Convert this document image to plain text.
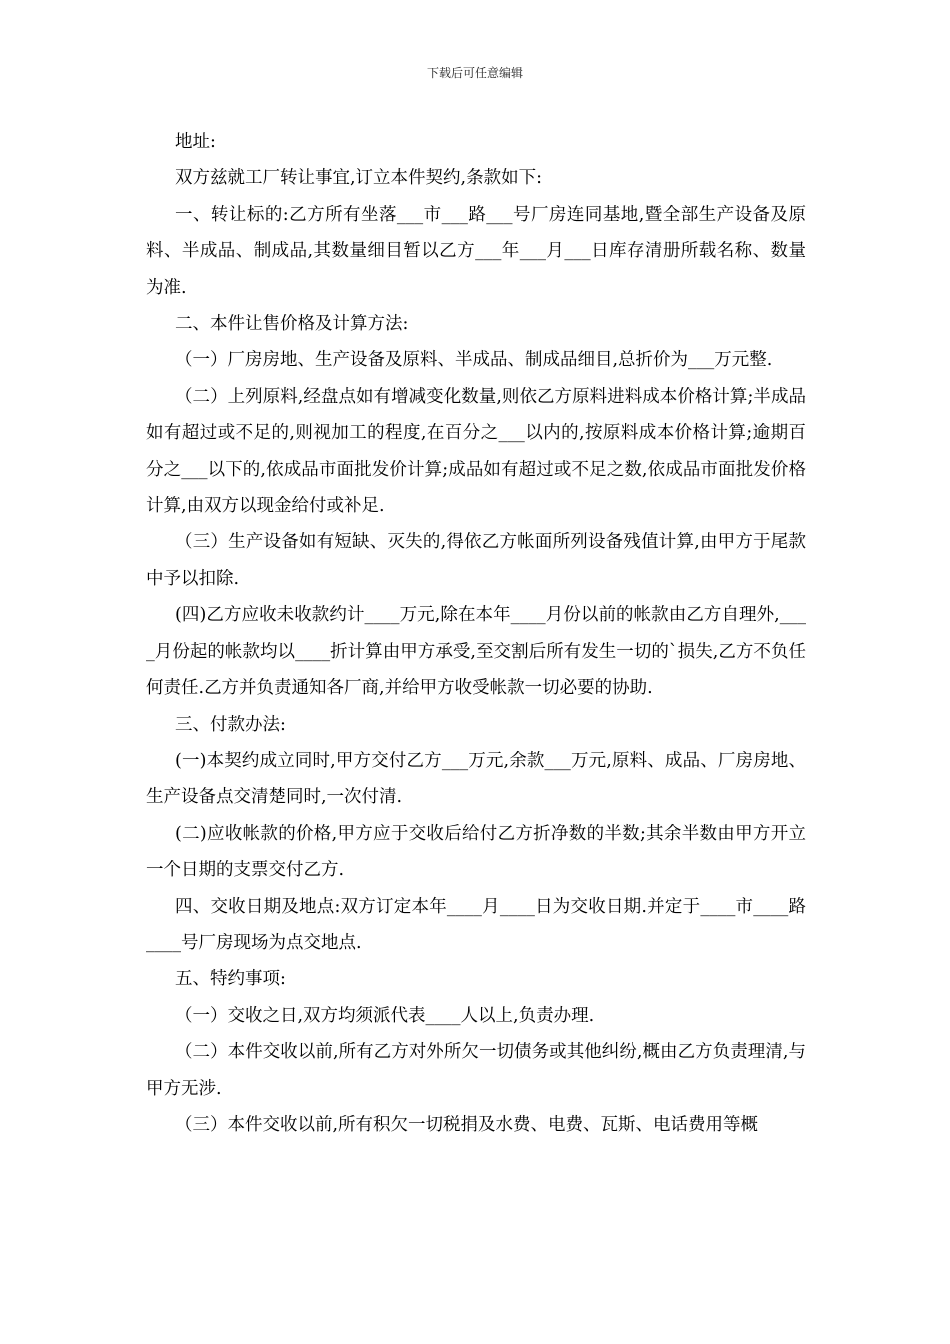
下载后可任意编辑

地址:

双方兹就工厂转让事宜,订立本件契约,条款如下:

一、转让标的:乙方所有坐落___市___路___号厂房连同基地,暨全部生产设备及原料、半成品、制成品,其数量细目暂以乙方___年___月___日库存清册所载名称、数量为准.

二、本件让售价格及计算方法:

（一）厂房房地、生产设备及原料、半成品、制成品细目,总折价为___万元整.

（二）上列原料,经盘点如有增减变化数量,则依乙方原料进料成本价格计算;半成品如有超过或不足的,则视加工的程度,在百分之___以内的,按原料成本价格计算;逾期百分之___以下的,依成品市面批发价计算;成品如有超过或不足之数,依成品市面批发价格计算,由双方以现金给付或补足.

（三）生产设备如有短缺、灭失的,得依乙方帐面所列设备残值计算,由甲方于尾款中予以扣除.

(四)乙方应收未收款约计____万元,除在本年____月份以前的帐款由乙方自理外,____月份起的帐款均以____折计算由甲方承受,至交割后所有发生一切的`损失,乙方不负任何责任.乙方并负责通知各厂商,并给甲方收受帐款一切必要的协助.

三、付款办法:

(一)本契约成立同时,甲方交付乙方___万元,余款___万元,原料、成品、厂房房地、生产设备点交清楚同时,一次付清.

(二)应收帐款的价格,甲方应于交收后给付乙方折净数的半数;其余半数由甲方开立一个日期的支票交付乙方.

四、交收日期及地点:双方订定本年____月____日为交收日期.并定于____市____路____号厂房现场为点交地点.

五、特约事项:

（一）交收之日,双方均须派代表____人以上,负责办理.

（二）本件交收以前,所有乙方对外所欠一切债务或其他纠纷,概由乙方负责理清,与甲方无涉.

（三）本件交收以前,所有积欠一切税捐及水费、电费、瓦斯、电话费用等概
